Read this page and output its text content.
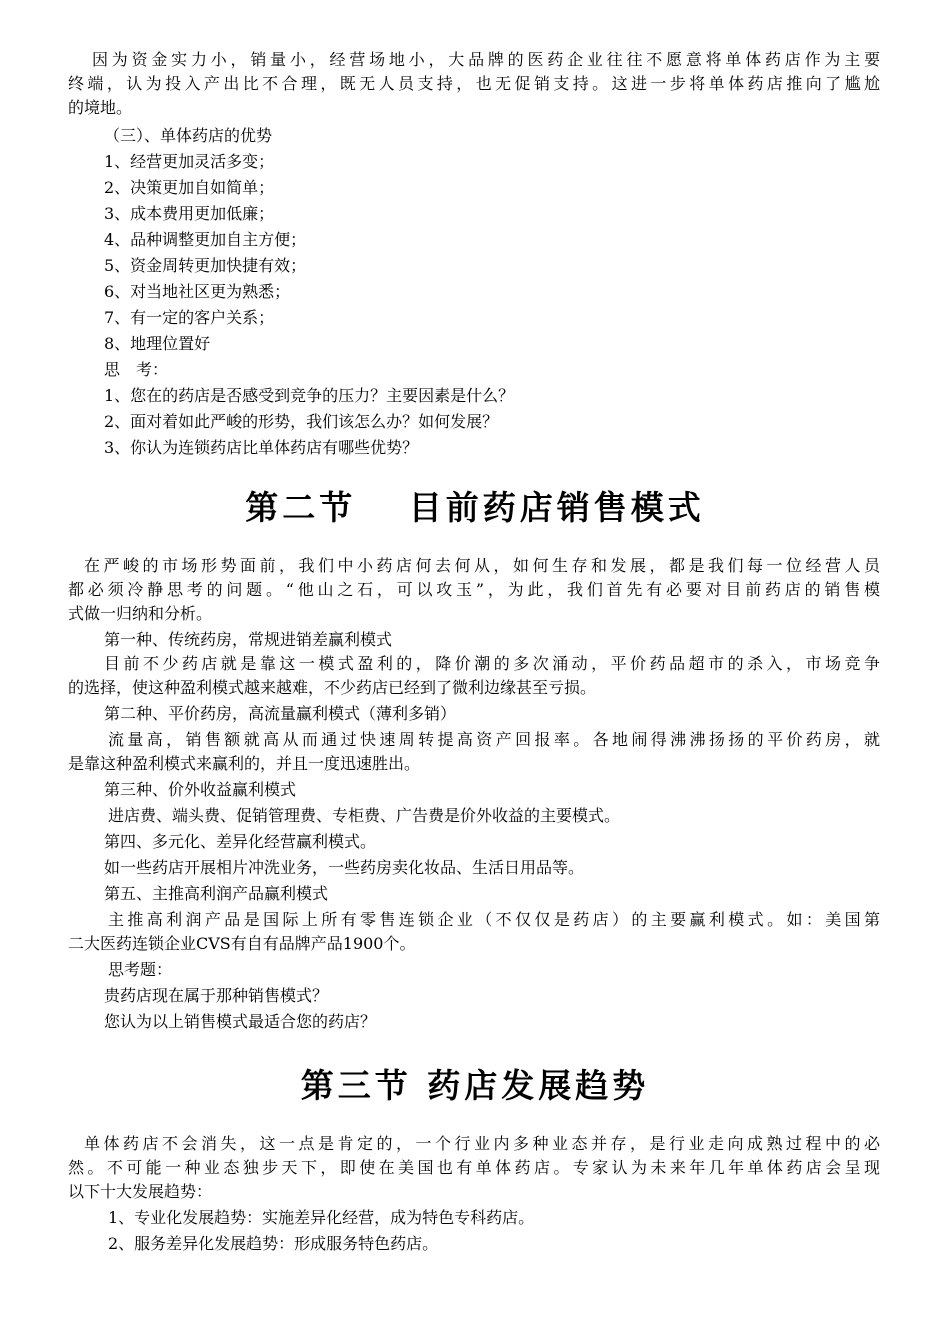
因为资金实力小，销量小，经营场地小，大品牌的医药企业往往不愿意将单体药店作为主要
终端，认为投入产出比不合理，既无人员支持，也无促销支持。这进一步将单体药店推向了尴尬
的境地。
（三）、单体药店的优势
1、经营更加灵活多变；
2、决策更加自如简单；
3、成本费用更加低廉；
4、品种调整更加自主方便；
5、资金周转更加快捷有效；
6、对当地社区更为熟悉；
7、有一定的客户关系；
8、地理位置好
思　考：
1、您在的药店是否感受到竞争的压力？主要因素是什么？
2、面对着如此严峻的形势，我们该怎么办？如何发展？
3、你认为连锁药店比单体药店有哪些优势？
第二节　 目前药店销售模式
在严峻的市场形势面前，我们中小药店何去何从，如何生存和发展，都是我们每一位经营人员
都必须冷静思考的问题。“他山之石，可以攻玉”，为此，我们首先有必要对目前药店的销售模
式做一归纳和分析。
第一种、传统药房，常规进销差赢利模式
目前不少药店就是靠这一模式盈利的，降价潮的多次涌动，平价药品超市的杀入，市场竞争
的选择，使这种盈利模式越来越难，不少药店已经到了微利边缘甚至亏损。
第二种、平价药房，高流量赢利模式（薄利多销）
流量高，销售额就高从而通过快速周转提高资产回报率。各地闹得沸沸扬扬的平价药房，就
是靠这种盈利模式来赢利的，并且一度迅速胜出。
第三种、价外收益赢利模式
进店费、端头费、促销管理费、专柜费、广告费是价外收益的主要模式。
第四、多元化、差异化经营赢利模式。
如一些药店开展相片冲洗业务，一些药房卖化妆品、生活日用品等。
第五、主推高利润产品赢利模式
主推高利润产品是国际上所有零售连锁企业（不仅仅是药店）的主要赢利模式。如：美国第
二大医药连锁企业CVS有自有品牌产品1900个。
思考题：
贵药店现在属于那种销售模式？
您认为以上销售模式最适合您的药店？
第三节 药店发展趋势
单体药店不会消失，这一点是肯定的，一个行业内多种业态并存，是行业走向成熟过程中的必
然。不可能一种业态独步天下，即使在美国也有单体药店。专家认为未来年几年单体药店会呈现
以下十大发展趋势：
1、专业化发展趋势：实施差异化经营，成为特色专科药店。
2、服务差异化发展趋势：形成服务特色药店。
